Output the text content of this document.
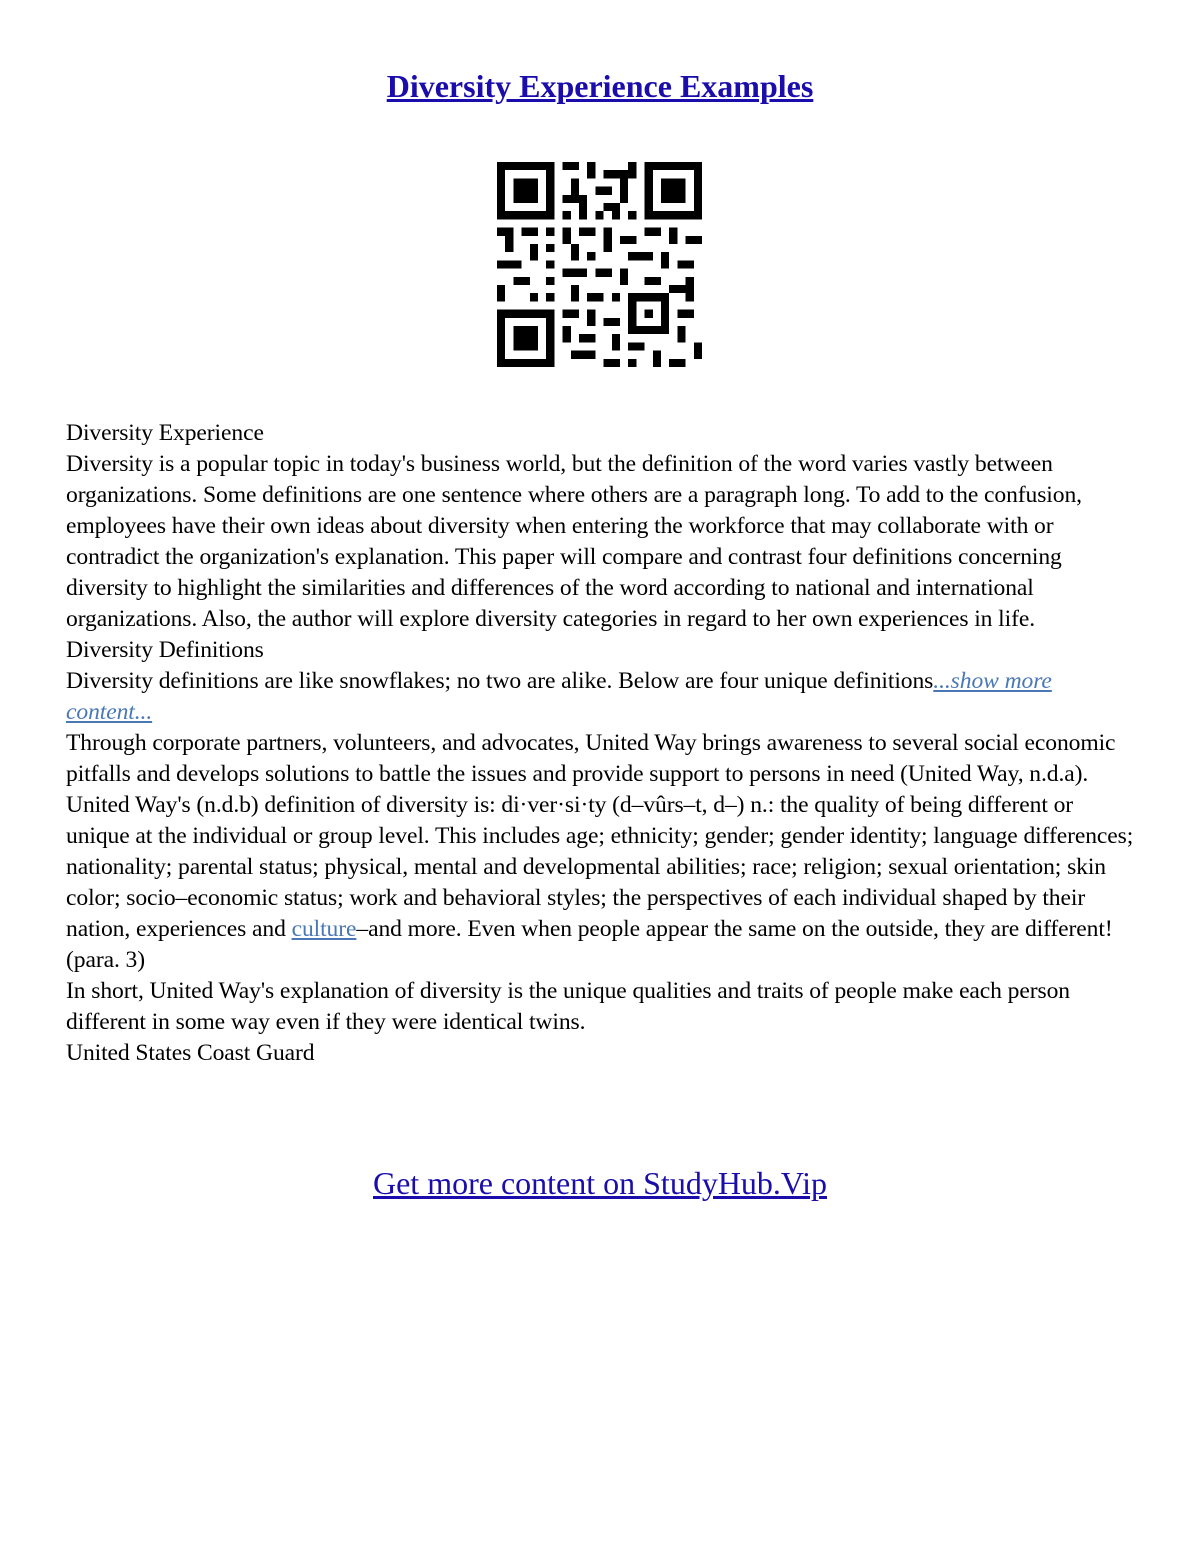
Diversity Experience Examples

Diversity Experience

Diversity is a popular topic in today's business world, but the definition of the word varies vastly between organizations. Some definitions are one sentence where others are a paragraph long. To add to the confusion, employees have their own ideas about diversity when entering the workforce that may collaborate with or contradict the organization's explanation. This paper will compare and contrast four definitions concerning diversity to highlight the similarities and differences of the word according to national and international organizations. Also, the author will explore diversity categories in regard to her own experiences in life.

Diversity Definitions

Diversity definitions are like snowflakes; no two are alike. Below are four unique definitions...show more content...

Through corporate partners, volunteers, and advocates, United Way brings awareness to several social economic pitfalls and develops solutions to battle the issues and provide support to persons in need (United Way, n.d.a). United Way's (n.d.b) definition of diversity is: di·ver·si·ty (d–vûrs–t, d–) n.: the quality of being different or unique at the individual or group level. This includes age; ethnicity; gender; gender identity; language differences; nationality; parental status; physical, mental and developmental abilities; race; religion; sexual orientation; skin color; socio–economic status; work and behavioral styles; the perspectives of each individual shaped by their nation, experiences and culture–and more. Even when people appear the same on the outside, they are different! (para. 3)

In short, United Way's explanation of diversity is the unique qualities and traits of people make each person different in some way even if they were identical twins.

United States Coast Guard

Get more content on StudyHub.Vip
